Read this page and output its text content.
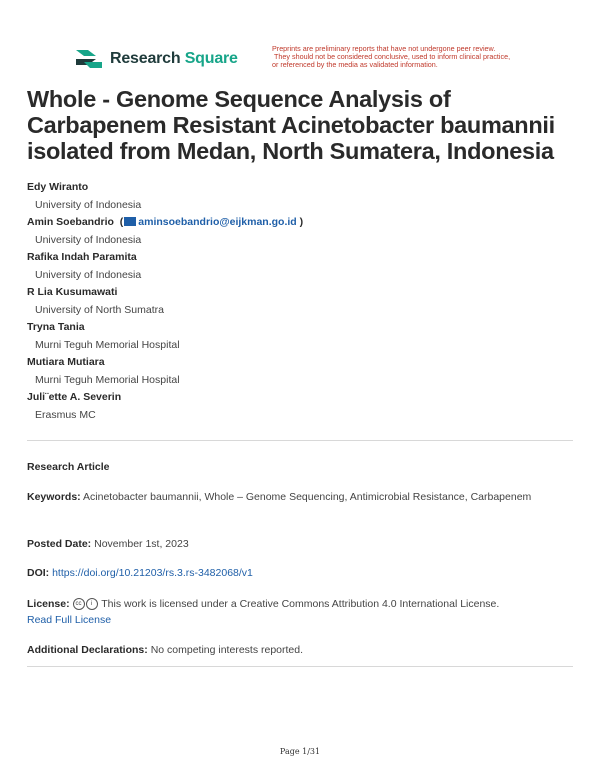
Research Square
Preprints are preliminary reports that have not undergone peer review.
They should not be considered conclusive, used to inform clinical practice,
or referenced by the media as validated information.
Whole - Genome Sequence Analysis of Carbapenem Resistant Acinetobacter baumannii isolated from Medan, North Sumatera, Indonesia
Edy Wiranto
University of Indonesia
Amin Soebandrio  ( aminsoebandrio@eijkman.go.id )
University of Indonesia
Rafika Indah Paramita
University of Indonesia
R Lia Kusumawati
University of North Sumatra
Tryna Tania
Murni Teguh Memorial Hospital
Mutiara Mutiara
Murni Teguh Memorial Hospital
Juli¨ette A. Severin
Erasmus MC
Research Article
Keywords: Acinetobacter baumannii, Whole – Genome Sequencing, Antimicrobial Resistance, Carbapenem
Posted Date: November 1st, 2023
DOI: https://doi.org/10.21203/rs.3.rs-3482068/v1
License: cc i This work is licensed under a Creative Commons Attribution 4.0 International License.
Read Full License
Additional Declarations: No competing interests reported.
Page 1/31
